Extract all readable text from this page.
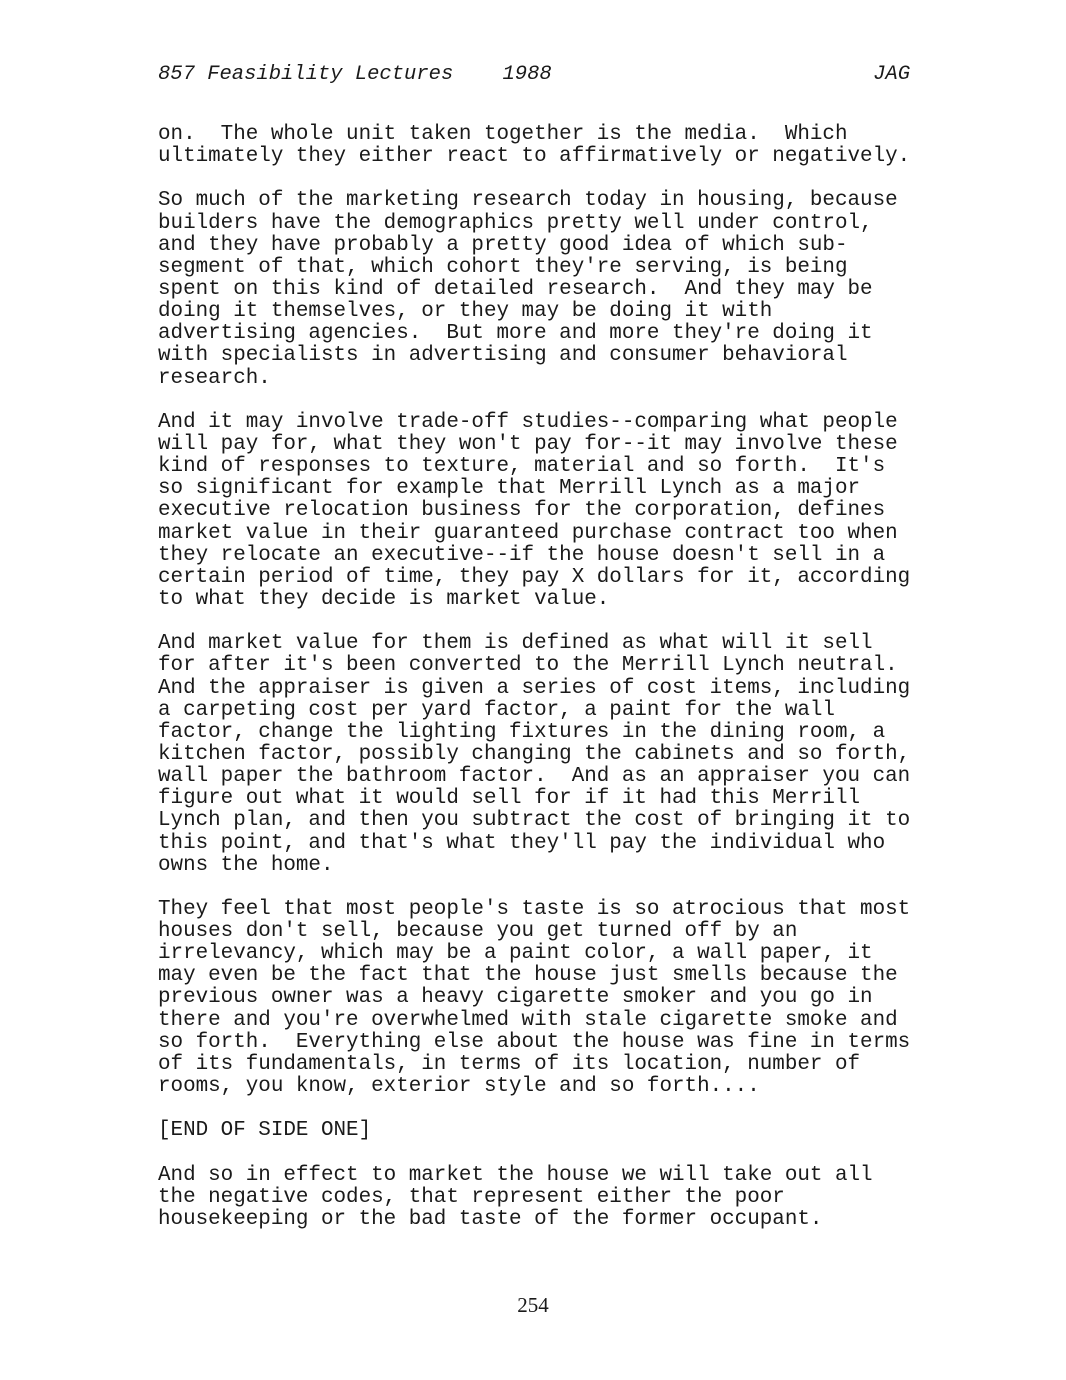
857 Feasibility Lectures 1988	JAG
on.  The whole unit taken together is the media.  Which
ultimately they either react to affirmatively or negatively.
So much of the marketing research today in housing, because
builders have the demographics pretty well under control,
and they have probably a pretty good idea of which sub-
segment of that, which cohort they're serving, is being
spent on this kind of detailed research.  And they may be
doing it themselves, or they may be doing it with
advertising agencies.  But more and more they're doing it
with specialists in advertising and consumer behavioral
research.
And it may involve trade-off studies--comparing what people
will pay for, what they won't pay for--it may involve these
kind of responses to texture, material and so forth.  It's
so significant for example that Merrill Lynch as a major
executive relocation business for the corporation, defines
market value in their guaranteed purchase contract too when
they relocate an executive--if the house doesn't sell in a
certain period of time, they pay X dollars for it, according
to what they decide is market value.
And market value for them is defined as what will it sell
for after it's been converted to the Merrill Lynch neutral.
And the appraiser is given a series of cost items, including
a carpeting cost per yard factor, a paint for the wall
factor, change the lighting fixtures in the dining room, a
kitchen factor, possibly changing the cabinets and so forth,
wall paper the bathroom factor.  And as an appraiser you can
figure out what it would sell for if it had this Merrill
Lynch plan, and then you subtract the cost of bringing it to
this point, and that's what they'll pay the individual who
owns the home.
They feel that most people's taste is so atrocious that most
houses don't sell, because you get turned off by an
irrelevancy, which may be a paint color, a wall paper, it
may even be the fact that the house just smells because the
previous owner was a heavy cigarette smoker and you go in
there and you're overwhelmed with stale cigarette smoke and
so forth.  Everything else about the house was fine in terms
of its fundamentals, in terms of its location, number of
rooms, you know, exterior style and so forth....
[END OF SIDE ONE]
And so in effect to market the house we will take out all
the negative codes, that represent either the poor
housekeeping or the bad taste of the former occupant.
254
